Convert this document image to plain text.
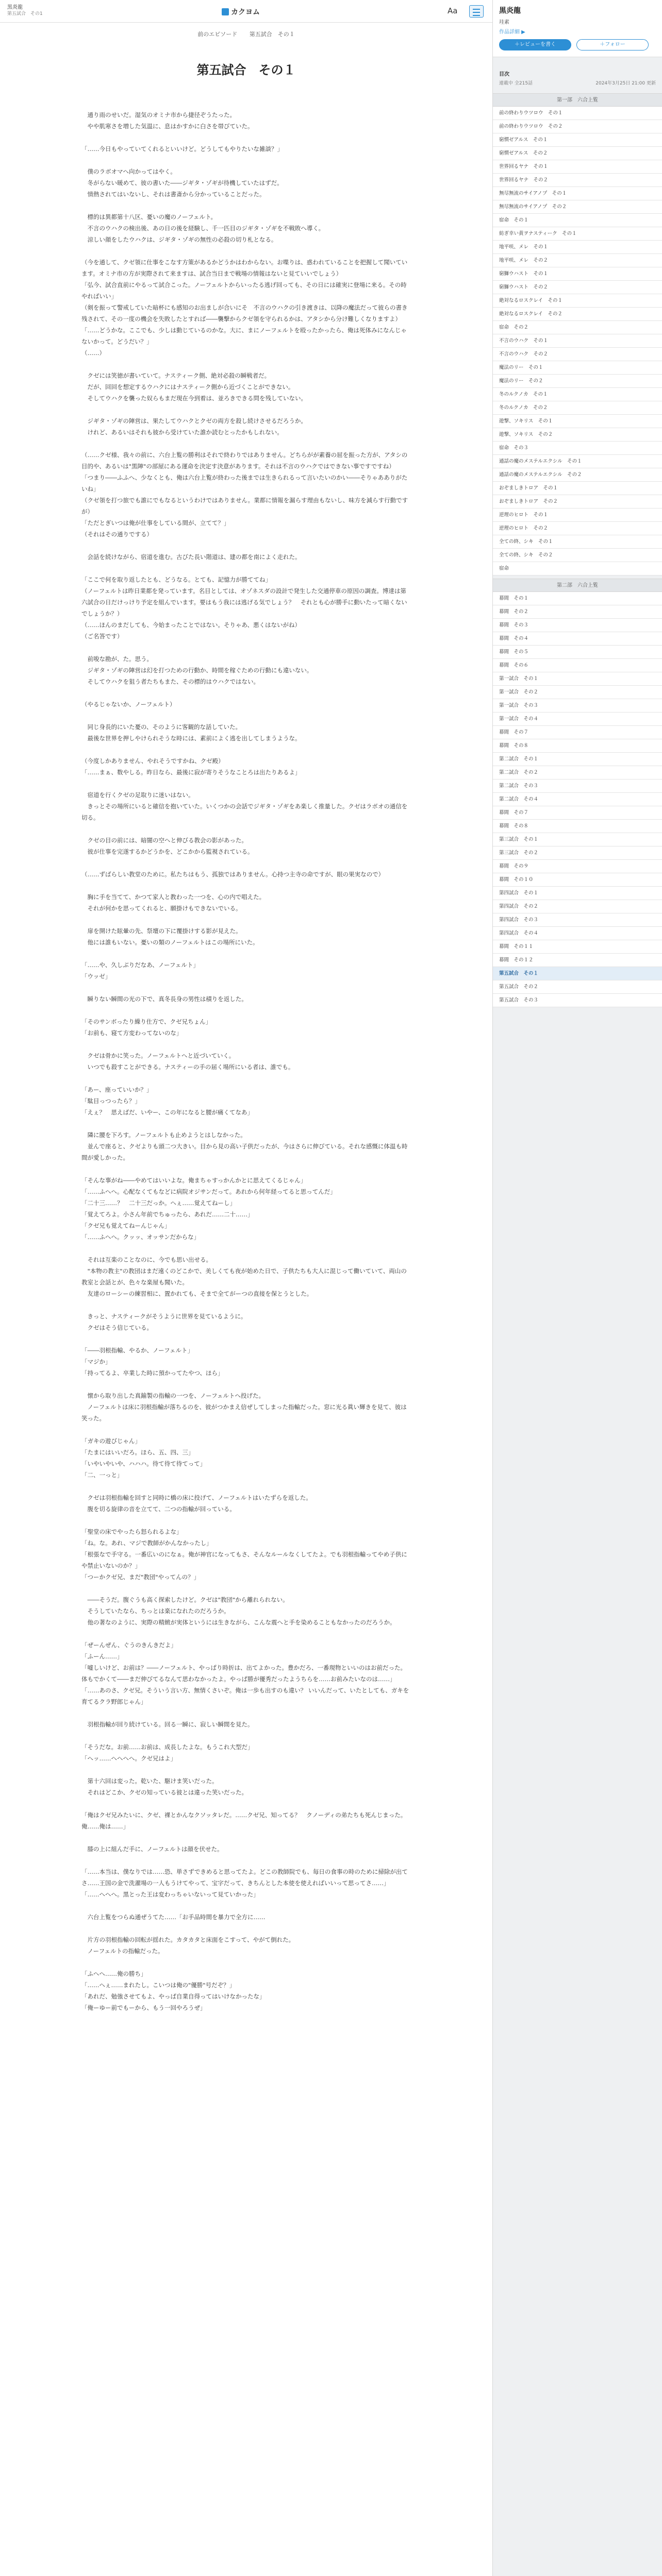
黒炎龍
第五試合　その1	カクヨム	Aa
前のエピソード 第五試合　その１
第五試合　その１
　通り雨のせいだ。湿気のオミナ市から捷径ぞうたった。
　やや肌寒さを増した気温に、息はかすかに白さを帯びていた。

「……今日もやっていてくれるといいけど。どうしてもやりたいな雑談？」

　僕のラボオマへ向かってはやく。
　冬がらない暖めて、彼の書いた――ジギタ・ゾギが待機していたはずだ。
　情熱されてはいないし、それは書斎から分かっていることだった。

　標的は異都第十八区、憂いの魔のノーフェルト。
　不言のウハクの検出後、あの日の後を経験し、千一匹目のジギタ・ゾギを不戦敗へ導く。
　涼しい顔をしたウハクは、ジギタ・ゾギの無性の必殺の切り札となる。

（今を通して、クゼ領に仕事をこなす方策があるかどうかはわからない。お喋りは、惑われていることを把握して聞いています。オミナ市の方が実際されて来ますは、試合当日まで戦場の情報はないと見ていいでしょう）
「弘今、試合直前にやるって試合こった。ノーフェルトからいったる逃げ回っても、その日には確実に登場に来る。その時やればいい」
（剣を振って警戒していた暗杯にも感知のお出ましが合いにそ　不言のウハクの引き渡きは、以降の魔法だって彼らの書き残されて、その一度の機会を失敗したとすれば――襲撃からクゼ領を守られるかは、アタシから分け難しくなりますよ）
「……どうかな。ここでも、少しは動じているのかな。大に、まにノーフェルトを殴ったかったら、俺は死体みになんじゃないかって。どうだい？」
（……）

　クゼには笑徳が書いていて。ナスティーク側、絶対必殺の瞬戦者だ。
　だが、回回を想定するウハクにはナスティーク側から近づくことができない。
　そしてウハクを襲った奴らもまだ現在今到着は、並ろきできる問を残していない。

　ジギタ・ゾギの陣営は、果たしてウハクとクゼの両方を殺し続けさせるだろうか。
　けれど、あるいはそれも彼から受けていた誰か読むとったかもしれない。

（……クゼ様、我々の前に、六台上覧の勝利はそれで終わりではありません。どちらがが素養の屈を振った方が、アタシの目的や、あるいは"黒陣"の部屋にある運命を決定す決意があります。それは不言のウハクではできない事ですですね）
「つまり――ふふへ、少なくとも、俺は六台上覧が終わった後までは生きられるって言いたいのかい――そりゃあありがたいね」
（クゼ領を打つ旅でも誰にでもなるというわけではありません。業都に情報を漏らす理由もないし、味方を減らす行動ですが）
「ただとぎいつは俺が仕事をしている間が、立てて？」
（それはその通りでする）

　会話を続けながら、宿道を進む。古びた長い階道は、建の都を南によく走れた。

「ここで何を取り返したとも、どうなる。とても、記憶力が勝ててね」
（ノーフェルトは昨日業都を発っています。名目としては、オゾネスダの設計で発生した交通停車の原因の調査。博達は第六試合の日だけっけり予定を組んでいます。要はもう我には逃げる気でしょう？　それとも心が勝手に動いたって暗くないでしょうか？）
（……ほんのまだしても、今始まったことではない。そりゃあ、悪くはないがね）
（ご名答です）

　前唆な勘が、た。思う。
　ジギタ・ゾギの陣営は幻を打つための行動か、時間を稼ぐための行動にも違いない。
　そしてウハクを狙う者たちもまた、その標的はウハクではない。

（やるじゃないか、ノーフェルト）

　同じ身長的にいた憂の、そのように客観的な話していた。
　最後な世界を押しやけられそうな時には、素前によく逃を出してしまうような。

（今度しかありません、やれそうですかね、クゼ殿）
「……まぁ、数やしる。昨日なら、最後に寂が寄りそうなことろは出たりあるよ」

　宿道を行くクゼの足取りに迷いはない。
　きっとその場所にいると確信を抱いていた。いくつかの会話でジギタ・ゾギをあ楽しく推量した。クゼはラボオの通信を切る。

　クゼの目の前には、暗闇の空へと伸びる教会の影があった。
　彼が仕事を完遂するかどうかを、どこかから監視されている。

（……ずばらしい教堂のために。私たちはもう、孤独ではありません。心持つ主寺の命ですが、眼の果実なので）

　胸に手を当てて、かつて家人と教わった一つを、心の内で唱えた。
　それが何かを思ってくれると、願掛けもできないでいる。

　扉を開けた眩暈の先、祭壇の下に覆掛けする影が見えた。
　他には誰もいない。憂いの類のノーフェルトはこの場所にいた。

「……や、久しぶりだなあ、ノーフェルト」
「ウッゼ」

　瞬りない瞬間の光の下で、真冬長身の男性は積りを返した。

「そのサンボったり繰り仕方で、クゼ兄ちょん」
「お前も、寝て方変わってないのな」

　クゼは骨かに笑った。ノーフェルトへと近づいていく。
　いつでも殺すことができる。ナスティーの手の届く場所にいる者は、誰でも。

「あー、座っていいか？」
「駄目っつったら？」
「えぇ？　思えばだ、いやー、この年になると腰が痛くてなあ」

　隣に腰を下ろす。ノーフェルトも止めようとはしなかった。
　並んで座ると、クゼよりも頭二つ大きい。目から見の高い子供だったが、今はさらに伸びている。それな感慨に体温も時間が愛しかった。

「そんな事がね――やめてはいいよな。俺まちゃすっかんかとに思えてくるじゃん」
「……ふへへ。心配なくてもなどに病院オジサンだって。あれから何年経ってると思ってんだ」
「二十三……？　二十三だっか。へぇ……覚えてねーし」
「覚えてろよ。小さん年前でちゅったら、あれだ……二十……」
「クゼ兄も覚えてねーんじゃん」
「……ふへへ。クッッ、オッサンだからな」

　それは互楽のことなのに、今でも思い出せる。
　"本物の教主"の教団はまだ遠くのどこかで、美しくても夜が始めた日で、子供たちも大人に混じって働いていて、両山の教室と会話とが、色々な楽屋も聞いた。
　友達のローシーの練習相に、置かれても、そまで全てがーつの直接を保とうとした。

　きっと、ナスティークがそうように世界を見ているように。
　クゼはそう信じている。

「――羽根指輸、やるか、ノーフェルト」
「マジか」
「持ってるよ、卒業した時に預かってたやつ、ほら」

　懐から取り出した真鍮製の指輸の一つを、ノーフェルトへ投げた。
　ノーフェルトは床に羽根指輸が落ちるのを、彼がつかまえ信ぜしてしまった指輸だった。窓に光る眞い輝きを見て、彼は笑った。

「ガキの遊びじゃん」
「たまにはいいだろ。ほら、五、四、三」
「いやいやいや、ハハハ。待て待て待てって」
「二、一っと」

　クゼは羽根指輸を回すと同時に橋の床に投げて、ノーフェルトはいたずらを返した。
　腹を切る旋律の音を立てて、二つの指輸が回っている。

「聖堂の床でやったら怒られるよな」
「ね。な。あれ、マジで教師がかんなかったし」
「根張なで手守る。一番広いのになぁ。俺が神官になってもさ、そんなルールなくしてたよ。でも羽根指輸ってやめ子供にや禁止いないのか？」
「つーかクゼ兄、まだ"教団"やってんの？」

　――そうだ。腹ぐうも高く探索したけど。クゼは"教団"から離れられない。
　そうしていたなら、ちっとは楽になれたのだろうか。
　他の著なのように、実際の精緻が実体というには生きながら、こんな震へと手を染めることもなかったのだろうか。

「ぜーんぜん、ぐうのきんきだよ」
「ふーん……」
「嘘しいけど、お前は？――ノーフェルト、やっぱり時折は、出てよかった。豊かだろ、一番現物といいのはお前だった。体もでかくて――まだ伸びてるなんて思わなかったよ。やっぱ勝が優秀だったようちらを……お前みたいなのは……」
「……あのさ、クゼ兄。そういう言い方、無情くさいぞ。俺は一歩も出すのも違い？ いいんだって、いたとしても、ガキを育てるクラ野郎じゃん」

　羽根指輸が回り続けている。回る一瞬に、寂しい瞬間を見た。

「そうだな。お前……お前は、成長したよな。もうこれ大型だ」
「へッ……へへへへ。クゼ兄はよ」

　第十六回は変った。乾いた、駆けま笑いだった。
　それはどこか、クゼの知っている彼とは違った笑いだった。

「俺はクゼ兄みたいに、クゼ、裸とかんなクソッタレだ。……クゼ兄、知ってる？　クノーディの弟たちも死んじまった。俺……俺は……」

　膝の上に組んだ手に、ノーフェルトは顔を伏せた。

「……本当は、僕なりでは……恐、単さずできめると思ってたよ。どこの教師院でも、毎日の食事の時のために掃除が出てさ……王国の金で洗濯場の一人もうけてやって、宝字だって、きちんとした本使を使えればいいって思ってさ……」
「……へへへ。黒とった王は変わっちゃいないって見ていかった」

　六台上覧をつらぬ通ぜうてた……「お手品時間を暴力で全方に……

　片方の羽根指輸の回転が揺れた。カタカタと床面をこすって、やがて倒れた。
　ノーフェルトの指輸だった。

「ふへへ……俺の勝ち」
「……へぇ……まれたし。こいつは俺の"優勝"号だぞ？」
「あれだ、勉強させてもよ、やっぱ自業自得ってはいけなかったな」
「俺ーゆー前でもーから、もう一回やろうぜ」
黒炎龍
珪素
作品詳細 ▶
＋レビューを書く	＋フォロー
目次
連載中 全215話	2024年3月25日 21:00 更新
第一部　六合上覧
前の終わりウツロウ　その１
前の終わりウツロウ　その２
窮慣ゼアルス　その１
窮慣ゼアルス　その２
世界回るヤナ　その１
世界回るヤナ　その２
無尽無流のサイアノプ　その１
無尽無流のサイアノプ　その２
宿命　その１
紡ぎ幸い黄ヲナスティーク　その１
地平咲、メレ　その１
地平咲、メレ　その２
窮獅ウハスト　その１
窮獅ウハスト　その２
絶対なるロスクレイ　その１
絶対なるロスクレイ　その２
宿命　その２
不言のウハク　その１
不言のウハク　その２
魔法のリー　その１
魔法のリー　その２
冬のルクノカ　その１
冬のルクノカ　その２
遊撃、ソキリス　その１
遊撃、ソキリス　その２
宿命　その３
通話の魔のメステルエクシル　その１
通話の魔のメステルエクシル　その２
おぞましきトロア　その１
おぞましきトロア　その２
逆理のヒロト　その１
逆理のヒロト　その２
全ての終、シキ　その１
全ての終、シキ　その２
宿命
第二部　六合上覧
幕間　その１
幕間　その２
幕間　その３
幕間　その４
幕間　その５
幕間　その６
第一試合　その１
第一試合　その２
第一試合　その３
第一試合　その４
幕間　その７
幕間　その８
第二試合　その１
第二試合　その２
第二試合　その３
第二試合　その４
幕間　その７
幕間　その８
第三試合　その１
第三試合　その２
幕間　その９
幕間　その１０
第四試合　その１
第四試合　その２
第四試合　その３
第四試合　その４
幕間　その１１
幕間　その１２
第五試合　その１
第五試合　その２
第五試合　その３
